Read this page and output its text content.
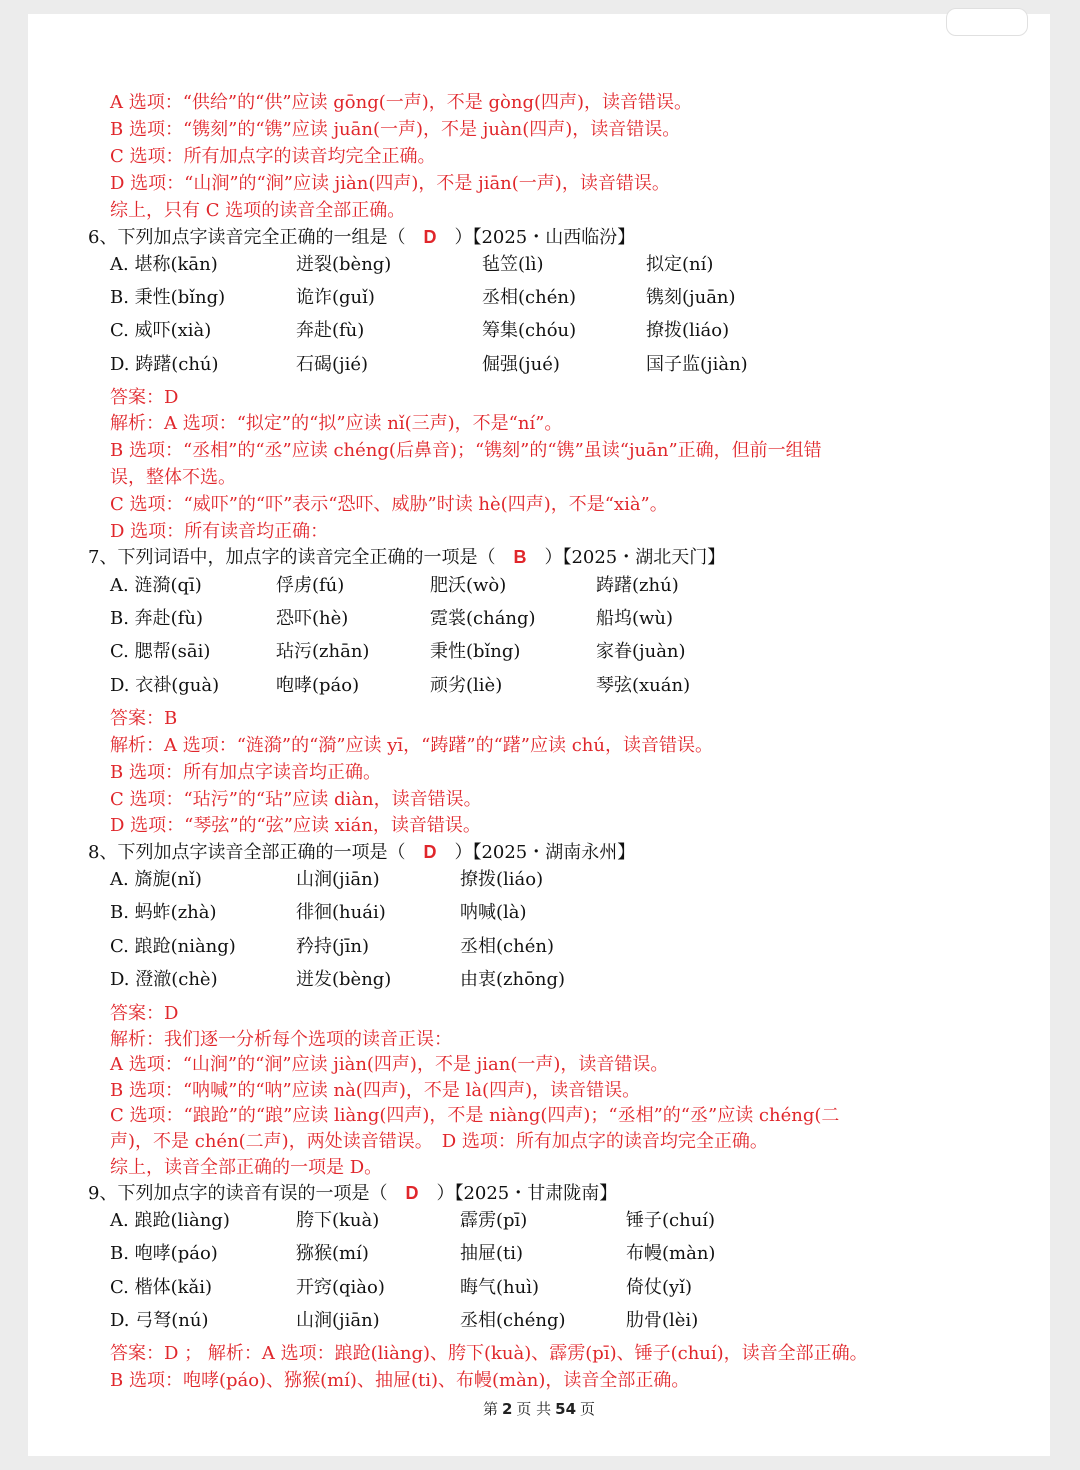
A 选项：“供给”的“供”应读 gōng(一声)，不是 gòng(四声)，读音错误。
B 选项：“镌刻”的“镌”应读 juān(一声)，不是 juàn(四声)，读音错误。
C 选项：所有加点字的读音均完全正确。
D 选项：“山涧”的“涧”应读 jiàn(四声)，不是 jiān(一声)，读音错误。
综上，只有 C 选项的读音全部正确。
6、下列加点字读音完全正确的一组是（ D ）【2025・山西临汾】
A. 堪称(kān)	迸裂(bèng)	毡笠(lì)	拟定(ní)
B. 秉性(bǐng)	诡诈(guǐ)	丞相(chén)	镌刻(juān)
C. 威吓(xià)	奔赴(fù)	筹集(chóu)	撩拨(liáo)
D. 踌躇(chú)	石碣(jié)	倔强(jué)	国子监(jiàn)
答案：D
解析：A 选项：“拟定”的“拟”应读 nǐ(三声)，不是“ní”。
B 选项：“丞相”的“丞”应读 chéng(后鼻音)；“镌刻”的“镌”虽读“juān”正确，但前一组错
误，整体不选。
C 选项：“威吓”的“吓”表示“恐吓、威胁”时读 hè(四声)，不是“xià”。
D 选项：所有读音均正确：
7、下列词语中，加点字的读音完全正确的一项是（ B ）【2025・湖北天门】
A. 涟漪(qī)	俘虏(fú)	肥沃(wò)	踌躇(zhú)
B. 奔赴(fù)	恐吓(hè)	霓裳(cháng)	船坞(wù)
C. 腮帮(sāi)	玷污(zhān)	秉性(bǐng)	家眷(juàn)
D. 衣褂(guà)	咆哮(páo)	顽劣(liè)	琴弦(xuán)
答案：B
解析：A 选项：“涟漪”的“漪”应读 yī，“踌躇”的“躇”应读 chú，读音错误。
B 选项：所有加点字读音均正确。
C 选项：“玷污”的“玷”应读 diàn，读音错误。
D 选项：“琴弦”的“弦”应读 xián，读音错误。
8、下列加点字读音全部正确的一项是（ D ）【2025・湖南永州】
A. 旖旎(nǐ)	山涧(jiān)	撩拨(liáo)
B. 蚂蚱(zhà)	徘徊(huái)	呐喊(là)
C. 踉跄(niàng)	矜持(jīn)	丞相(chén)
D. 澄澈(chè)	迸发(bèng)	由衷(zhōng)
答案：D
解析：我们逐一分析每个选项的读音正误：
A 选项：“山涧”的“涧”应读 jiàn(四声)，不是 jian(一声)，读音错误。
B 选项：“呐喊”的“呐”应读 nà(四声)，不是 là(四声)，读音错误。
C 选项：“踉跄”的“踉”应读 liàng(四声)，不是 niàng(四声)；“丞相”的“丞”应读 chéng(二
声)，不是 chén(二声)，两处读音错误。　D 选项：所有加点字的读音均完全正确。
综上，读音全部正确的一项是 D。
9、下列加点字的读音有误的一项是（ D ）【2025・甘肃陇南】
A. 踉跄(liàng)	胯下(kuà)	霹雳(pī)	锤子(chuí)
B. 咆哮(páo)	猕猴(mí)	抽屉(ti)	布幔(màn)
C. 楷体(kǎi)	开窍(qiào)	晦气(huì)	倚仗(yǐ)
D. 弓弩(nú)	山涧(jiān)	丞相(chéng)	肋骨(lèi)
答案：D ； 解析：A 选项：踉跄(liàng)、胯下(kuà)、霹雳(pī)、锤子(chuí)，读音全部正确。
B 选项：咆哮(páo)、猕猴(mí)、抽屉(ti)、布幔(màn)，读音全部正确。
第 2 页 共 54 页
